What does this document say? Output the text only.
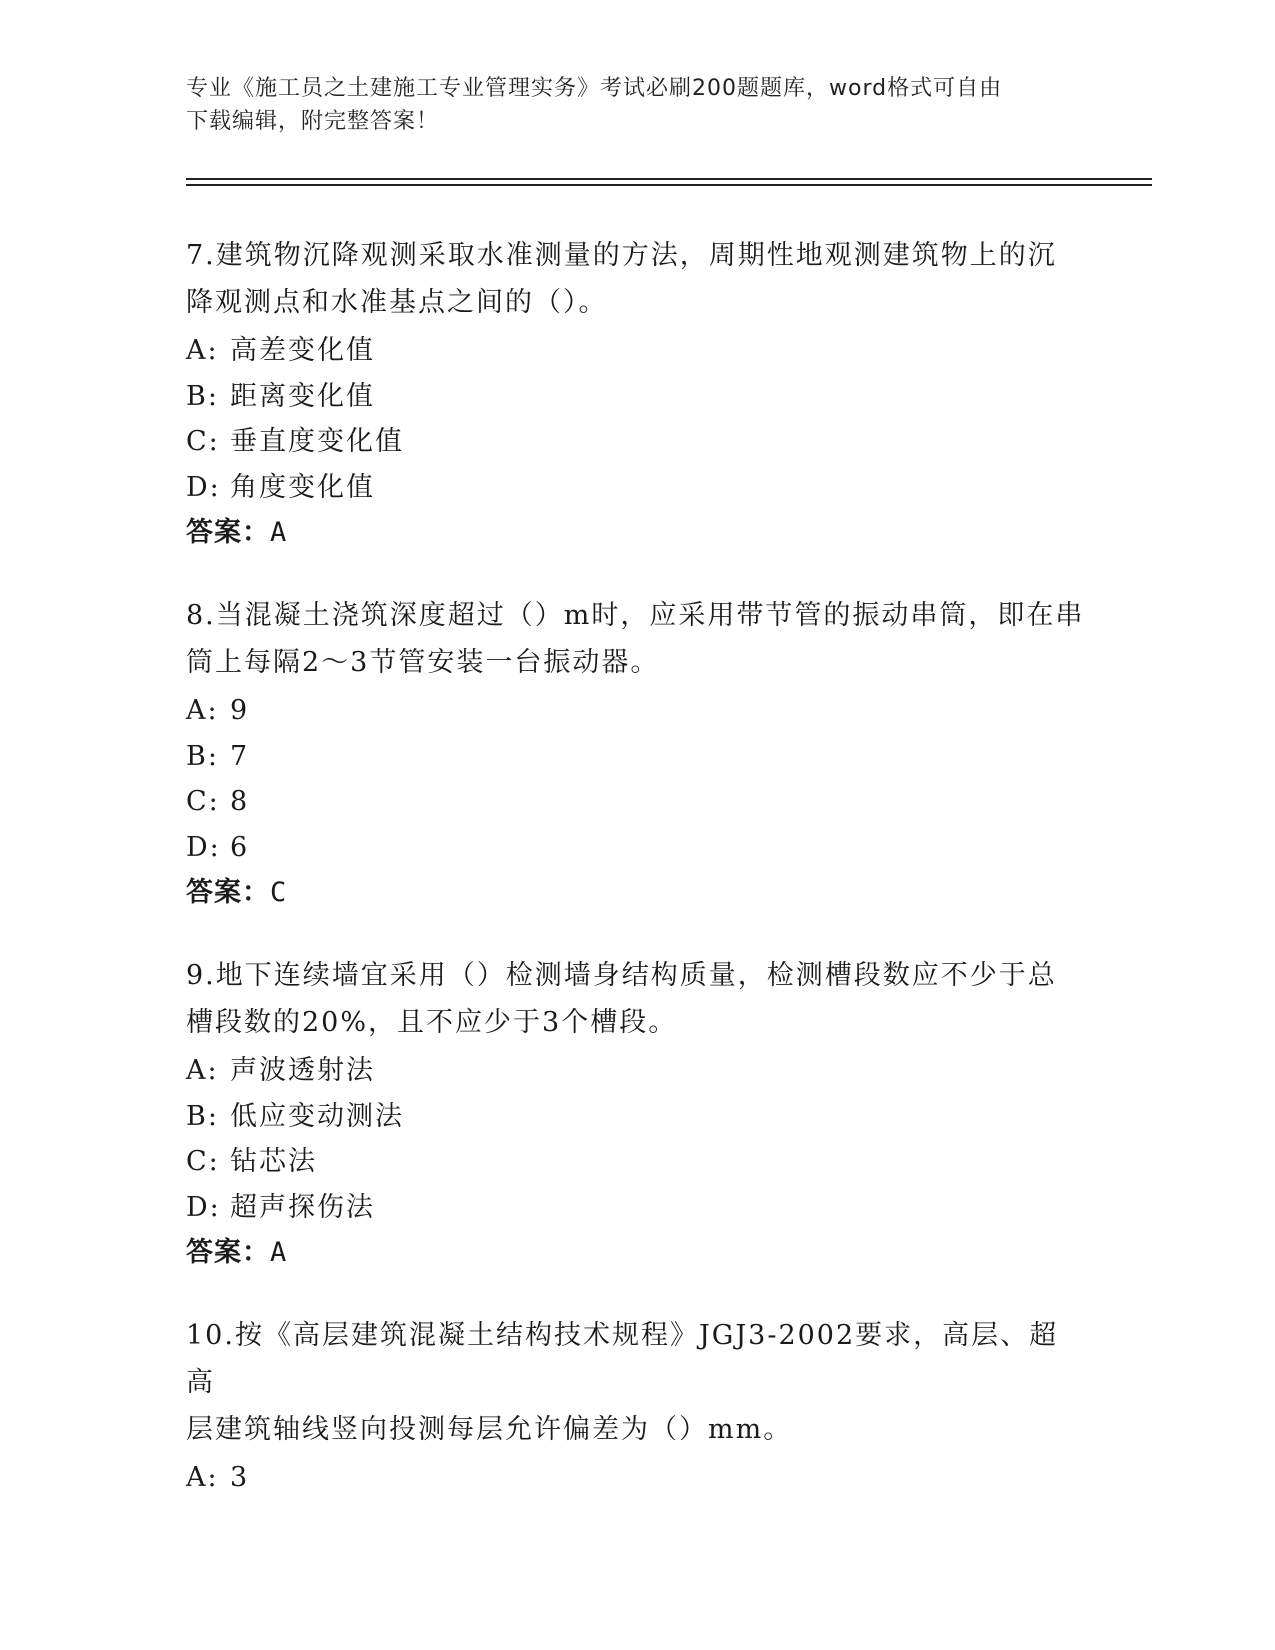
专业《施工员之土建施工专业管理实务》考试必刷200题题库，word格式可自由
下载编辑，附完整答案！
7.建筑物沉降观测采取水准测量的方法，周期性地观测建筑物上的沉
降观测点和水准基点之间的（）。
A: 高差变化值
B: 距离变化值
C: 垂直度变化值
D: 角度变化值
答案：A
8.当混凝土浇筑深度超过（）m时，应采用带节管的振动串筒，即在串
筒上每隔2～3节管安装一台振动器。
A: 9
B: 7
C: 8
D: 6
答案：C
9.地下连续墙宜采用（）检测墙身结构质量，检测槽段数应不少于总
槽段数的20%，且不应少于3个槽段。
A: 声波透射法
B: 低应变动测法
C: 钻芯法
D: 超声探伤法
答案：A
10.按《高层建筑混凝土结构技术规程》JGJ3-2002要求，高层、超高
层建筑轴线竖向投测每层允许偏差为（）mm。
A: 3
